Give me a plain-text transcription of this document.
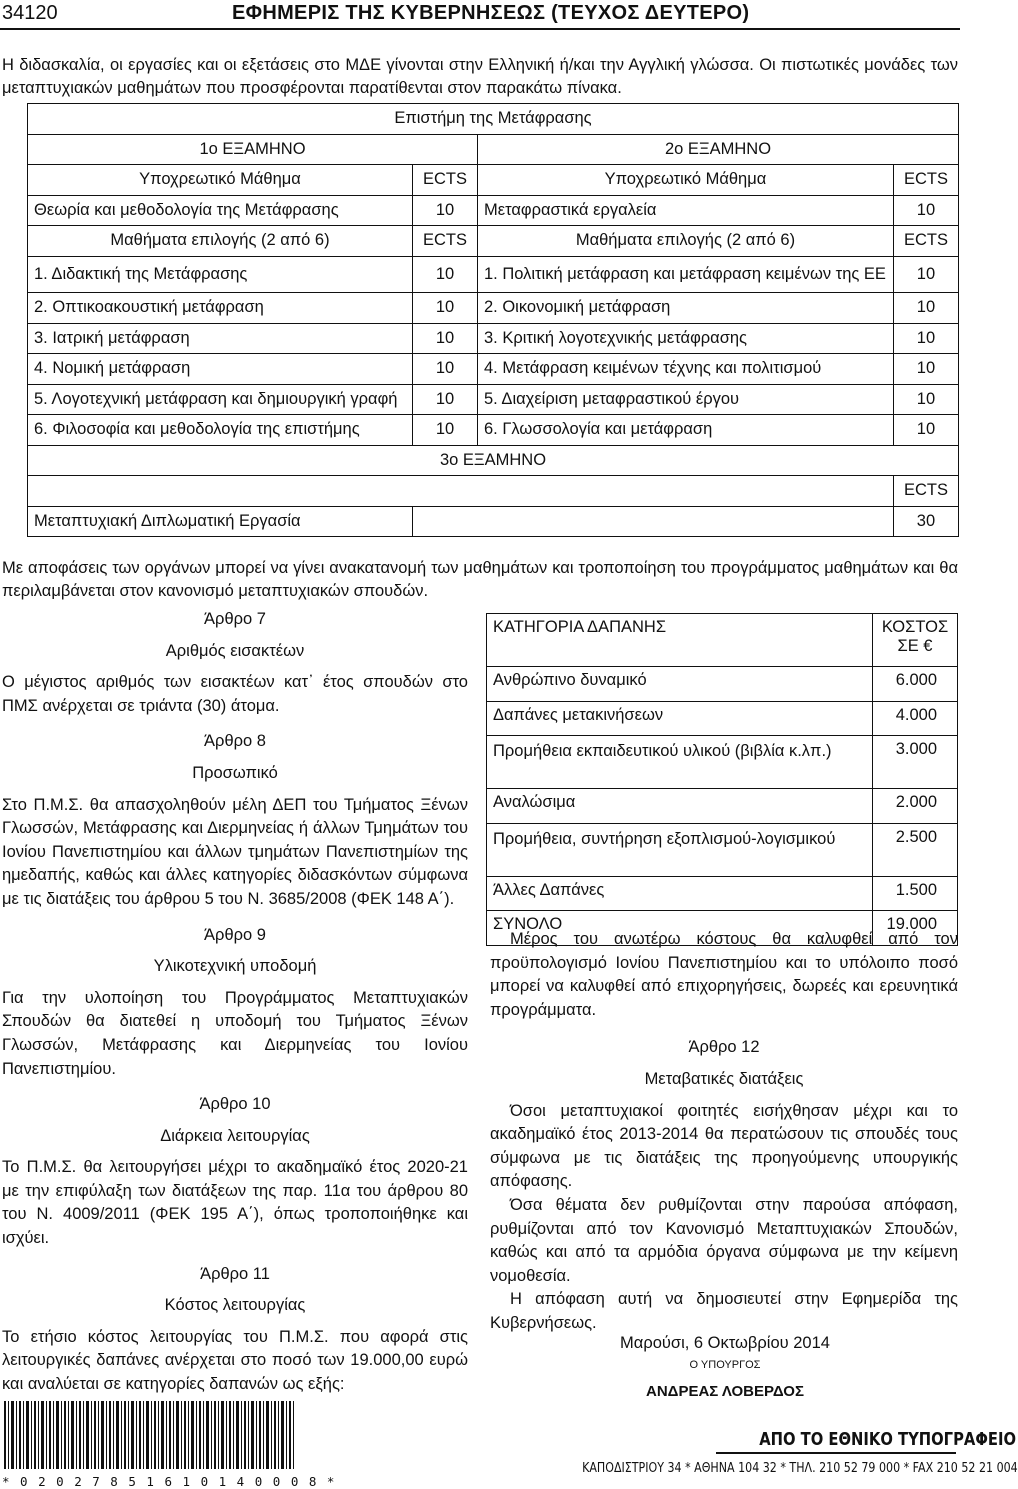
34120	ΕΦΗΜΕΡΙΣ ΤΗΣ ΚΥΒΕΡΝΗΣΕΩΣ (ΤΕΥΧΟΣ ΔΕΥΤΕΡΟ)

Η διδασκαλία, οι εργασίες και οι εξετάσεις στο ΜΔΕ γίνονται στην Ελληνική ή/και την Αγγλική γλώσσα. Οι πιστωτικές μονάδες των μεταπτυχιακών μαθημάτων που προσφέρονται παρατίθενται στον παρακάτω πίνακα.

Επιστήμη της Μετάφρασης			
1ο ΕΞΑΜΗΝΟ		2ο ΕΞΑΜΗΝΟ	
Υποχρεωτικό Μάθημα	ECTS	Υποχρεωτικό Μάθημα	ECTS
Θεωρία και μεθοδολογία της Μετάφρασης	10	Μεταφραστικά εργαλεία	10
Μαθήματα επιλογής (2 από 6)	ECTS	Μαθήματα επιλογής (2 από 6)	ECTS
1. Διδακτική της Μετάφρασης	10	1. Πολιτική μετάφραση και μετάφραση κειμένων της ΕΕ	10
2. Οπτικοακουστική μετάφραση	10	2. Οικονομική μετάφραση	10
3. Ιατρική μετάφραση	10	3. Κριτική λογοτεχνικής μετάφρασης	10
4. Νομική μετάφραση	10	4. Μετάφραση κειμένων τέχνης και πολιτισμού	10
5. Λογοτεχνική μετάφραση και δημιουργική γραφή	10	5. Διαχείριση μεταφραστικού έργου	10
6. Φιλοσοφία και μεθοδολογία της επιστήμης	10	6. Γλωσσολογία και μετάφραση	10
3ο ΕΞΑΜΗΝΟ			
			ECTS
Μεταπτυχιακή Διπλωματική Εργασία			30

Με αποφάσεις των οργάνων μπορεί να γίνει ανακατανομή των μαθημάτων και τροποποίηση του προγράμματος μαθημάτων και θα περιλαμβάνεται στον κανονισμό μεταπτυχιακών σπουδών.

Άρθρο 7
Αριθμός εισακτέων
Ο μέγιστος αριθμός των εισακτέων κατ᾽ έτος σπουδών στο ΠΜΣ ανέρχεται σε τριάντα (30) άτομα.
Άρθρο 8
Προσωπικό
Στο Π.Μ.Σ. θα απασχοληθούν μέλη ΔΕΠ του Τμήματος Ξένων Γλωσσών, Μετάφρασης και Διερμηνείας ή άλλων Τμημάτων του Ιονίου Πανεπιστημίου και άλλων τμημάτων Πανεπιστημίων της ημεδαπής, καθώς και άλλες κατηγορίες διδασκόντων σύμφωνα με τις διατάξεις του άρθρου 5 του Ν. 3685/2008 (ΦΕΚ 148 Α΄).
Άρθρο 9
Υλικοτεχνική υποδομή
Για την υλοποίηση του Προγράμματος Μεταπτυχιακών Σπουδών θα διατεθεί η υποδομή του Τμήματος Ξένων Γλωσσών, Μετάφρασης και Διερμηνείας του Ιονίου Πανεπιστημίου.
Άρθρο 10
Διάρκεια λειτουργίας
Το Π.Μ.Σ. θα λειτουργήσει μέχρι το ακαδημαϊκό έτος 2020-21 με την επιφύλαξη των διατάξεων της παρ. 11α του άρθρου 80 του Ν. 4009/2011 (ΦΕΚ 195 Α΄), όπως τροποποιήθηκε και ισχύει.
Άρθρο 11
Κόστος λειτουργίας
Το ετήσιο κόστος λειτουργίας του Π.Μ.Σ. που αφορά στις λειτουργικές δαπάνες ανέρχεται στο ποσό των 19.000,00 ευρώ και αναλύεται σε κατηγορίες δαπανών ως εξής:
ΚΑΤΗΓΟΡΙΑ ΔΑΠΑΝΗΣ	ΚΟΣΤΟΣ ΣΕ €
Ανθρώπινο δυναμικό	6.000
Δαπάνες μετακινήσεων	4.000
Προμήθεια εκπαιδευτικού υλικού (βιβλία κ.λπ.)	3.000
Αναλώσιμα	2.000
Προμήθεια, συντήρηση εξοπλισμού-λογισμικού	2.500
Άλλες Δαπάνες	1.500
ΣΥΝΟΛΟ	19.000
Μέρος του ανωτέρω κόστους θα καλυφθεί από τον προϋπολογισμό Ιονίου Πανεπιστημίου και το υπόλοιπο ποσό μπορεί να καλυφθεί από επιχορηγήσεις, δωρεές και ερευνητικά προγράμματα.
Άρθρο 12
Μεταβατικές διατάξεις
Όσοι μεταπτυχιακοί φοιτητές εισήχθησαν μέχρι και το ακαδημαϊκό έτος 2013-2014 θα περατώσουν τις σπουδές τους σύμφωνα με τις διατάξεις της προηγούμενης υπουργικής απόφασης.
Όσα θέματα δεν ρυθμίζονται στην παρούσα απόφαση, ρυθμίζονται από τον Κανονισμό Μεταπτυχιακών Σπουδών, καθώς και από τα αρμόδια όργανα σύμφωνα με την κείμενη νομοθεσία.
Η απόφαση αυτή να δημοσιευτεί στην Εφημερίδα της Κυβερνήσεως.
Μαρούσι, 6 Οκτωβρίου 2014
Ο ΥΠΟΥΡΓΟΣ
ΑΝΔΡΕΑΣ ΛΟΒΕΡΔΟΣ
* 0 2 0 2 7 8 5 1 6 1 0 1 4 0 0 0 8 *
ΑΠΟ ΤΟ ΕΘΝΙΚΟ ΤΥΠΟΓΡΑΦΕΙΟ
ΚΑΠΟΔΙΣΤΡΙΟΥ 34 * ΑΘΗΝΑ 104 32 * ΤΗΛ. 210 52 79 000 * FAX 210 52 21 004
